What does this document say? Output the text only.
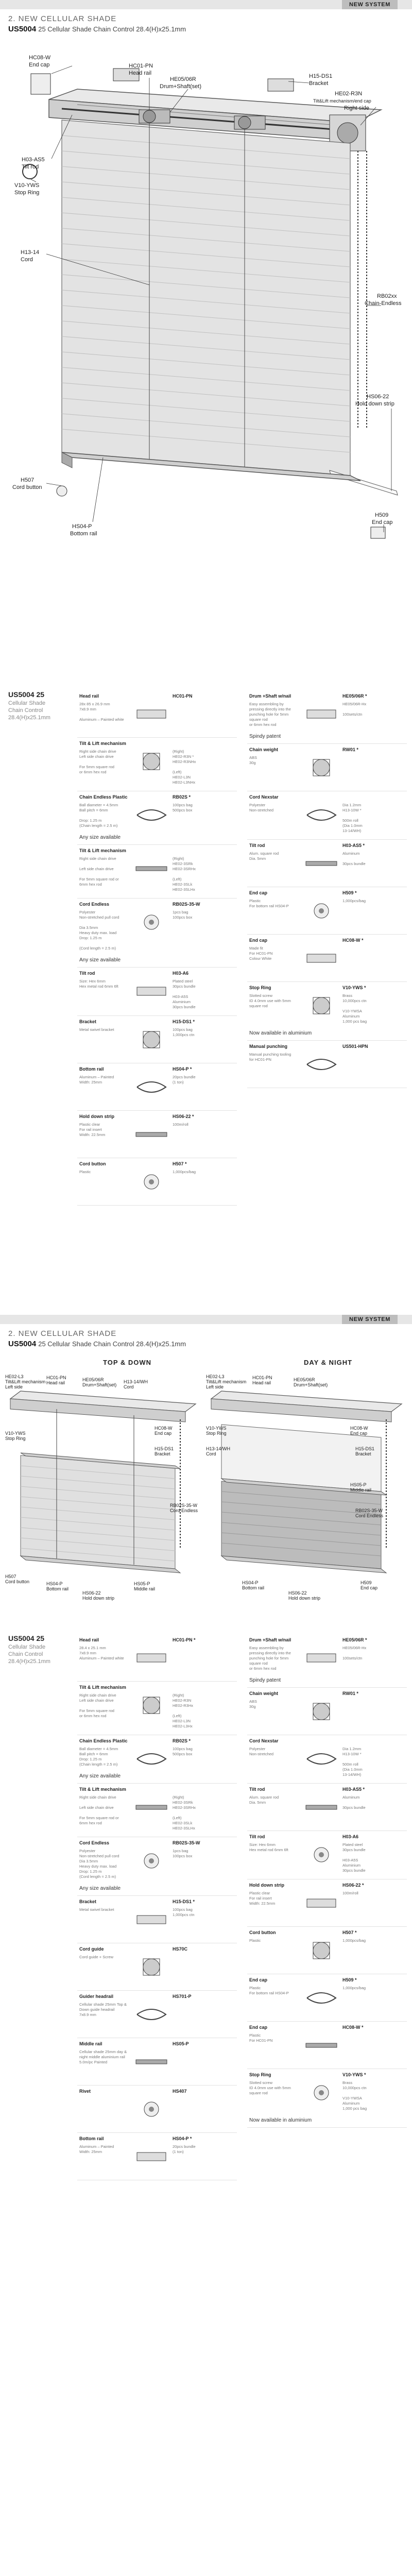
NEW SYSTEM
2. NEW CELLULAR SHADE
US5004 25 Cellular Shade Chain Control 28.4(H)x25.1mm
HC08-W
End cap	HC01-PN
Head rail
HE05/06R
Drum+Shaft(set)
H15-DS1
Bracket
HE02-R3N
Tilt&Lift mechanism/end cap
Right side
H03-AS5
Tilt rod
V10-YWS
Stop Ring
H13-14
Cord
RB02xx
Chain-Endless
HS06-22
Hold down strip
H507
Cord button
HS04-P
Bottom rail
H509
End cap
US5004 25
Cellular Shade
Chain Control
28.4(H)x25.1mm
Head rail	HC01-PN
28x 85 x 26.9 mm
7x8.9 mm

Aluminum – Painted white
Tilt & Lift mechanism
Right side chain drive
Left side chain drive

For 5mm square rod
or 6mm hex rod
(Right)
HE02-R3N *
HE02-R3NHx

(Left)
HE02-L3N
HE02-L3NHx
Chain Endless Plastic	RB02S *
Ball diameter = 4.5mm
Ball pitch = 6mm

Drop: 1.25 m
(Chain length = 2.5 m)
100pcs bag
500pcs box
Any size available
Tilt & Lift mechanism
Right side chain drive

Left side chain drive

For 5mm square rod or
6mm hex rod
(Right)
HE02-3SRk
HE02-3SRHx

(Left)
HE02-3SLk
HE02-3SLHx
Cord Endless	RB02S-35-W
Polyester
Non-stretched pull cord

Dia 3.5mm
Heavy duty max. load
Drop: 1.25 m

(Cord length = 2.5 m)
1pcs bag
100pcs box
Any size available
Tilt rod	H03-A6
Size: Hex 6mm
Hex metal rod 6mm 6ft
Plated steel
30pcs bundle

H03-A5S
Aluminium
30pcs bundle
Bracket	H15-DS1 *
Metal swivel bracket	100pcs bag
1,000pcs ctn
Bottom rail	HS04-P *
Aluminum – Painted
Width: 25mm
20pcs bundle
(1 ton)
Hold down strip	HS06-22 *
Plastic clear
For rail insert
Width: 22.5mm
100m/roll
Cord button	H507 *
Plastic	1,000pcs/bag
Drum +Shaft w/nail	HE05/06R *
Easy assembling by
pressing directly into the
punching hole for 5mm
square rod
or 6mm hex rod
HE05/06R-Hx

100sets/ctn
Spindy patent
Chain weight	RW01 *
ABS
30g
Cord Nexstar
Polyester
Non-stretched
Dia 1.2mm
H13-10W *

500m roll
(Dia 1.0mm
13-14/WH)
Tilt rod	H03-AS5 *
Alum. square rod
Dia. 5mm
Aluminum

30pcs bundle
End cap	H509 *
Plastic
For bottom rail HS04-P
1,000pcs/bag
End cap	HC08-W *
Made fit
For HC01-PN
Colour White
Stop Ring	V10-YWS *
Slotted screw
ID 4.0mm use with 5mm
square rod
Brass
10,000pcs ctn

V10-YWSA
Aluminum
1,000 pcs bag
Now available in aluminium
Manual punching	US501-HPN
Manual punching tooling
for HC01-PN
NEW SYSTEM
2. NEW CELLULAR SHADE
US5004 25 Cellular Shade Chain Control 28.4(H)x25.1mm
TOP & DOWN	DAY & NIGHT
HE02-L3
Tilt&Lift mechanism
Left side
HC01-PN
Head rail
HE05/06R
Drum+Shaft(set)
H13-14/WH
Cord
HC08-W
End cap
V10-YWS
Stop Ring
H507
Cord button	HS04-P
Bottom rail
HS06-22
Hold down strip
HS05-P
Middle rail
RB02S-35-W
Cord Endless
H15-DS1
Bracket
HE02-L3
Tilt&Lift mechanism
Left side
HC01-PN
Head rail
HE05/06R
Drum+Shaft(set)
HC08-W
End cap
V10-YWS
Stop Ring
H13-14/WH
Cord
HS05-P
Middle rail
HS04-P
Bottom rail
HS06-22
Hold down strip
H509
End cap
RB02S-35-W
Cord Endless
H15-DS1
Bracket
US5004 25
Cellular Shade
Chain Control
28.4(H)x25.1mm
Head rail	HC01-PN *
28.4 x 25.1 mm
7x8.9 mm
Aluminum – Painted white
Tilt & Lift mechanism
Right side chain drive
Left side chain drive

For 5mm square rod
or 6mm hex rod
(Right)
HE02-R3N
HE02-R3Hx

(Left)
HE02-L3N
HE02-L3Hx
Chain Endless Plastic	RB02S *
Ball diameter = 4.5mm
Ball pitch = 6mm
Drop: 1.25 m
(Chain length = 2.5 m)
100pcs bag
500pcs box
Any size available
Tilt & Lift mechanism
Right side chain drive

Left side chain drive

For 5mm square rod or
6mm hex rod
(Right)
HE02-3SRk
HE02-3SRHx

(Left)
HE02-3SLk
HE02-3SLHx
Cord Endless	RB02S-35-W
Polyester
Non-stretched pull cord
Dia 3.5mm
Heavy duty max. load
Drop: 1.25 m
(Cord length = 2.5 m)
1pcs bag
100pcs box
Any size available
Bracket	H15-DS1 *
Metal swivel bracket	100pcs bag
1,000pcs ctn
Cord guide	HS70C
Cord guide + Screw
Guider headrail	HS701-P
Cellular shade 25mm Top &
Down guide headrail
7x8.9 mm
Middle rail	HS05-P
Cellular shade 25mm day &
night middle aluminium rail
5.0m/pc Painted
Rivet	HS407
Bottom rail	HS04-P *
Aluminum – Painted
Width: 25mm
20pcs bundle
(1 ton)
Drum +Shaft w/nail	HE05/06R *
Easy assembling by
pressing directly into the
punching hole for 5mm
square rod
or 6mm hex rod
HE05/06R-Hx

100sets/ctn
Spindy patent
Chain weight	RW01 *
ABS
30g
Cord Nexstar
Polyester
Non-stretched
Dia 1.2mm
H13-10W *

500m roll
(Dia 1.0mm
13-14/WH)
Tilt rod	H03-AS5 *
Alum. square rod
Dia. 5mm
Aluminum

30pcs bundle
Tilt rod	H03-A6
Size: Hex 6mm
Hex metal rod 6mm 6ft
Plated steel
30pcs bundle

H03-A5S
Aluminium
30pcs bundle
Hold down strip	HS06-22 *
Plastic clear
For rail insert
Width: 22.5mm
100m/roll
Cord button	H507 *
Plastic	1,000pcs/bag
End cap	H509 *
Plastic
For bottom rail HS04-P
1,000pcs/bag
End cap	HC08-W *
Plastic
For HC01-PN
Stop Ring	V10-YWS *
Slotted screw
ID 4.0mm use with 5mm
square rod
Brass
10,000pcs ctn

V10-YWSA
Aluminum
1,000 pcs bag
Now available in aluminium
